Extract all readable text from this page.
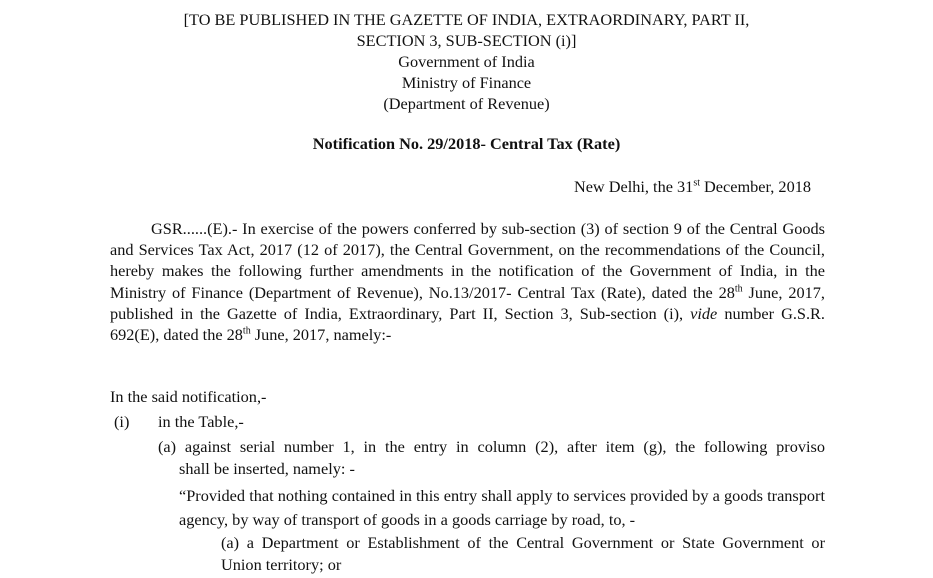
[TO BE PUBLISHED IN THE GAZETTE OF INDIA, EXTRAORDINARY, PART II,
SECTION 3, SUB-SECTION (i)]
Government of India
Ministry of Finance
(Department of Revenue)
Notification No. 29/2018- Central Tax (Rate)
New Delhi, the 31st December, 2018
GSR......(E).- In exercise of the powers conferred by sub-section (3) of section 9 of the Central Goods and Services Tax Act, 2017 (12 of 2017), the Central Government, on the recommendations of the Council, hereby makes the following further amendments in the notification of the Government of India, in the Ministry of Finance (Department of Revenue), No.13/2017- Central Tax (Rate), dated the 28th June, 2017, published in the Gazette of India, Extraordinary, Part II, Section 3, Sub-section (i), vide number G.S.R. 692(E), dated the 28th June, 2017, namely:-
In the said notification,-
(i) in the Table,-
(a) against serial number 1, in the entry in column (2), after item (g), the following proviso
shall be inserted, namely: -
“Provided that nothing contained in this entry shall apply to services provided by a goods transport agency, by way of transport of goods in a goods carriage by road, to, -
(a) a Department or Establishment of the Central Government or State Government or Union territory; or
